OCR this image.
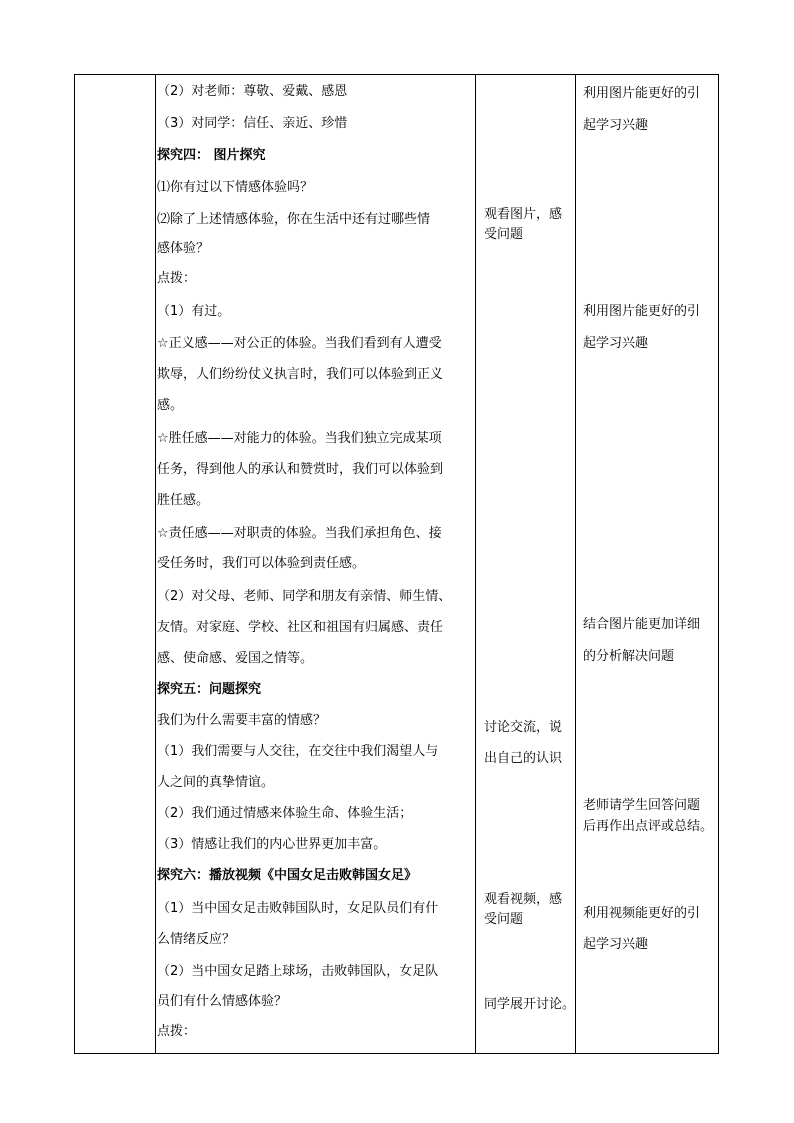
（2）对老师：尊敬、爱戴、感恩
（3）对同学：信任、亲近、珍惜
探究四： 图片探究
⑴你有过以下情感体验吗？
⑵除了上述情感体验，你在生活中还有过哪些情
感体验？
点拨：
（1）有过。
☆正义感——对公正的体验。当我们看到有人遭受
欺辱，人们纷纷仗义执言时，我们可以体验到正义
感。
☆胜任感——对能力的体验。当我们独立完成某项
任务，得到他人的承认和赞赏时，我们可以体验到
胜任感。
☆责任感——对职责的体验。当我们承担角色、接
受任务时，我们可以体验到责任感。
（2）对父母、老师、同学和朋友有亲情、师生情、
友情。对家庭、学校、社区和祖国有归属感、责任
感、使命感、爱国之情等。
探究五：问题探究
我们为什么需要丰富的情感？
（1）我们需要与人交往，在交往中我们渴望人与
人之间的真挚情谊。
（2）我们通过情感来体验生命、体验生活；
（3）情感让我们的内心世界更加丰富。
探究六：播放视频《中国女足击败韩国女足》
（1）当中国女足击败韩国队时，女足队员们有什
么情绪反应？
（2）当中国女足踏上球场，击败韩国队，女足队
员们有什么情感体验？
点拨：
观看图片，感
受问题
讨论交流，说
出自己的认识
观看视频，感
受问题
同学展开讨论。
利用图片能更好的引
起学习兴趣
利用图片能更好的引
起学习兴趣
结合图片能更加详细
的分析解决问题
老师请学生回答问题
后再作出点评或总结。
利用视频能更好的引
起学习兴趣
